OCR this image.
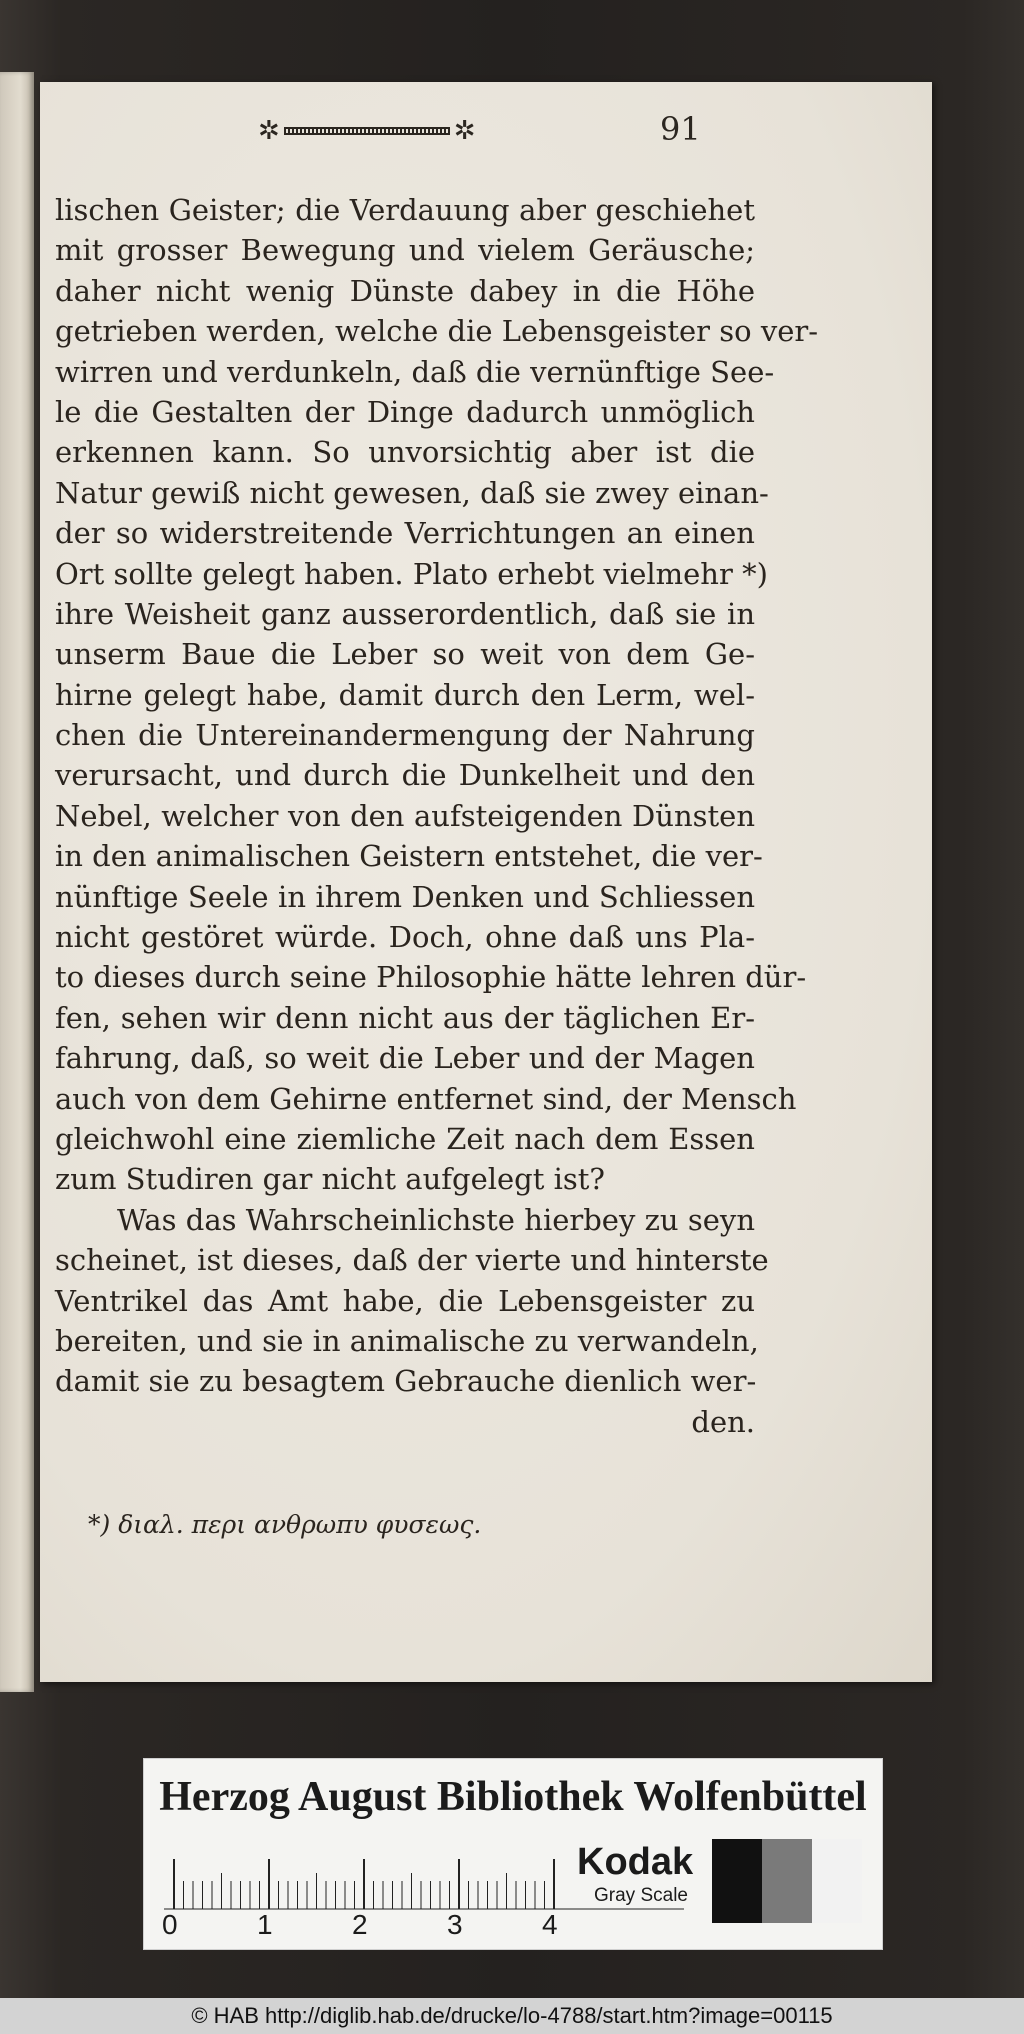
✲	✲	91
lischen Geister; die Verdauung aber geschiehet
mit grosser Bewegung und vielem Geräusche;
daher nicht wenig Dünste dabey in die Höhe
getrieben werden, welche die Lebensgeister so ver-
wirren und verdunkeln, daß die vernünftige See-
le die Gestalten der Dinge dadurch unmöglich
erkennen kann. So unvorsichtig aber ist die
Natur gewiß nicht gewesen, daß sie zwey einan-
der so widerstreitende Verrichtungen an einen
Ort sollte gelegt haben. Plato erhebt vielmehr *)
ihre Weisheit ganz ausserordentlich, daß sie in
unserm Baue die Leber so weit von dem Ge-
hirne gelegt habe, damit durch den Lerm, wel-
chen die Untereinandermengung der Nahrung
verursacht, und durch die Dunkelheit und den
Nebel, welcher von den aufsteigenden Dünsten
in den animalischen Geistern entstehet, die ver-
nünftige Seele in ihrem Denken und Schliessen
nicht gestöret würde. Doch, ohne daß uns Pla-
to dieses durch seine Philosophie hätte lehren dür-
fen, sehen wir denn nicht aus der täglichen Er-
fahrung, daß, so weit die Leber und der Magen
auch von dem Gehirne entfernet sind, der Mensch
gleichwohl eine ziemliche Zeit nach dem Essen
zum Studiren gar nicht aufgelegt ist?
Was das Wahrscheinlichste hierbey zu seyn
scheinet, ist dieses, daß der vierte und hinterste
Ventrikel das Amt habe, die Lebensgeister zu
bereiten, und sie in animalische zu verwandeln,
damit sie zu besagtem Gebrauche dienlich wer-
den.
*) διαλ. περι ανθρωπυ φυσεως.
Herzog August Bibliothek Wolfenbüttel
0	1	2	3	4
Kodak
Gray Scale
© HAB http://diglib.hab.de/drucke/lo-4788/start.htm?image=00115
